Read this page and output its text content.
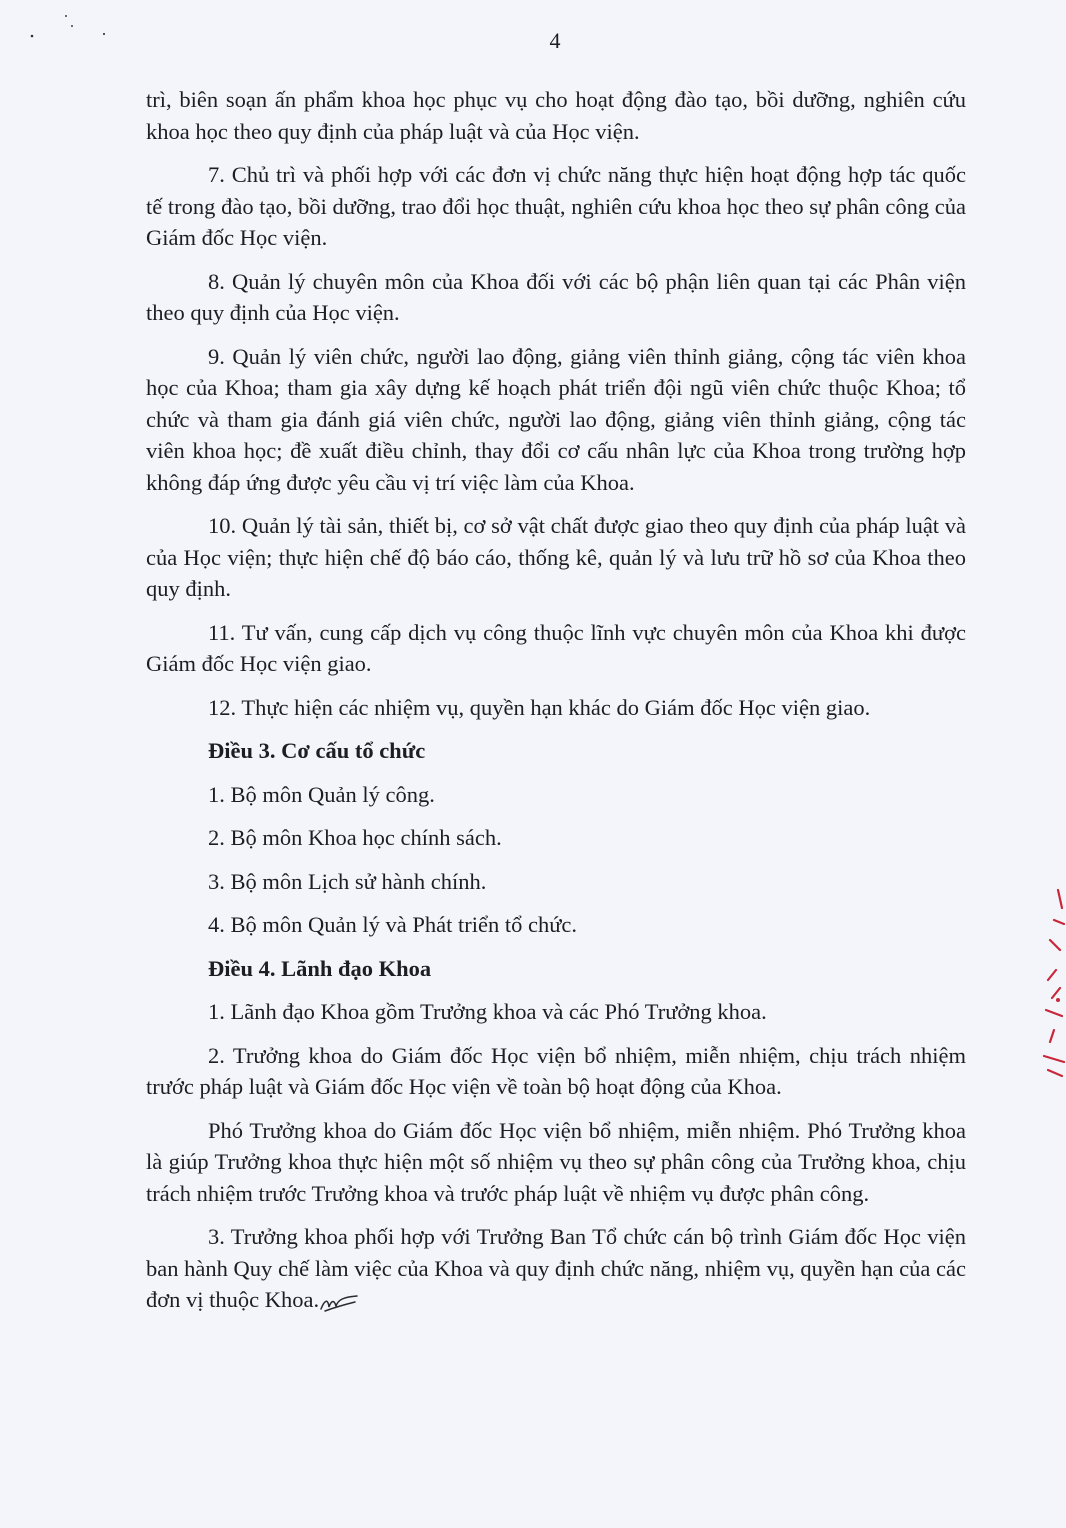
4

trì, biên soạn ấn phẩm khoa học phục vụ cho hoạt động đào tạo, bồi dưỡng, nghiên cứu khoa học theo quy định của pháp luật và của Học viện.

7. Chủ trì và phối hợp với các đơn vị chức năng thực hiện hoạt động hợp tác quốc tế trong đào tạo, bồi dưỡng, trao đổi học thuật, nghiên cứu khoa học theo sự phân công của Giám đốc Học viện.

8. Quản lý chuyên môn của Khoa đối với các bộ phận liên quan tại các Phân viện theo quy định của Học viện.

9. Quản lý viên chức, người lao động, giảng viên thỉnh giảng, cộng tác viên khoa học của Khoa; tham gia xây dựng kế hoạch phát triển đội ngũ viên chức thuộc Khoa; tổ chức và tham gia đánh giá viên chức, người lao động, giảng viên thỉnh giảng, cộng tác viên khoa học; đề xuất điều chỉnh, thay đổi cơ cấu nhân lực của Khoa trong trường hợp không đáp ứng được yêu cầu vị trí việc làm của Khoa.

10. Quản lý tài sản, thiết bị, cơ sở vật chất được giao theo quy định của pháp luật và của Học viện; thực hiện chế độ báo cáo, thống kê, quản lý và lưu trữ hồ sơ của Khoa theo quy định.

11. Tư vấn, cung cấp dịch vụ công thuộc lĩnh vực chuyên môn của Khoa khi được Giám đốc Học viện giao.

12. Thực hiện các nhiệm vụ, quyền hạn khác do Giám đốc Học viện giao.

Điều 3. Cơ cấu tổ chức

1. Bộ môn Quản lý công.

2. Bộ môn Khoa học chính sách.

3. Bộ môn Lịch sử hành chính.

4. Bộ môn Quản lý và Phát triển tổ chức.

Điều 4. Lãnh đạo Khoa

1. Lãnh đạo Khoa gồm Trưởng khoa và các Phó Trưởng khoa.

2. Trưởng khoa do Giám đốc Học viện bổ nhiệm, miễn nhiệm, chịu trách nhiệm trước pháp luật và Giám đốc Học viện về toàn bộ hoạt động của Khoa.

Phó Trưởng khoa do Giám đốc Học viện bổ nhiệm, miễn nhiệm. Phó Trưởng khoa là giúp Trưởng khoa thực hiện một số nhiệm vụ theo sự phân công của Trưởng khoa, chịu trách nhiệm trước Trưởng khoa và trước pháp luật về nhiệm vụ được phân công.

3. Trưởng khoa phối hợp với Trưởng Ban Tổ chức cán bộ trình Giám đốc Học viện ban hành Quy chế làm việc của Khoa và quy định chức năng, nhiệm vụ, quyền hạn của các đơn vị thuộc Khoa.
